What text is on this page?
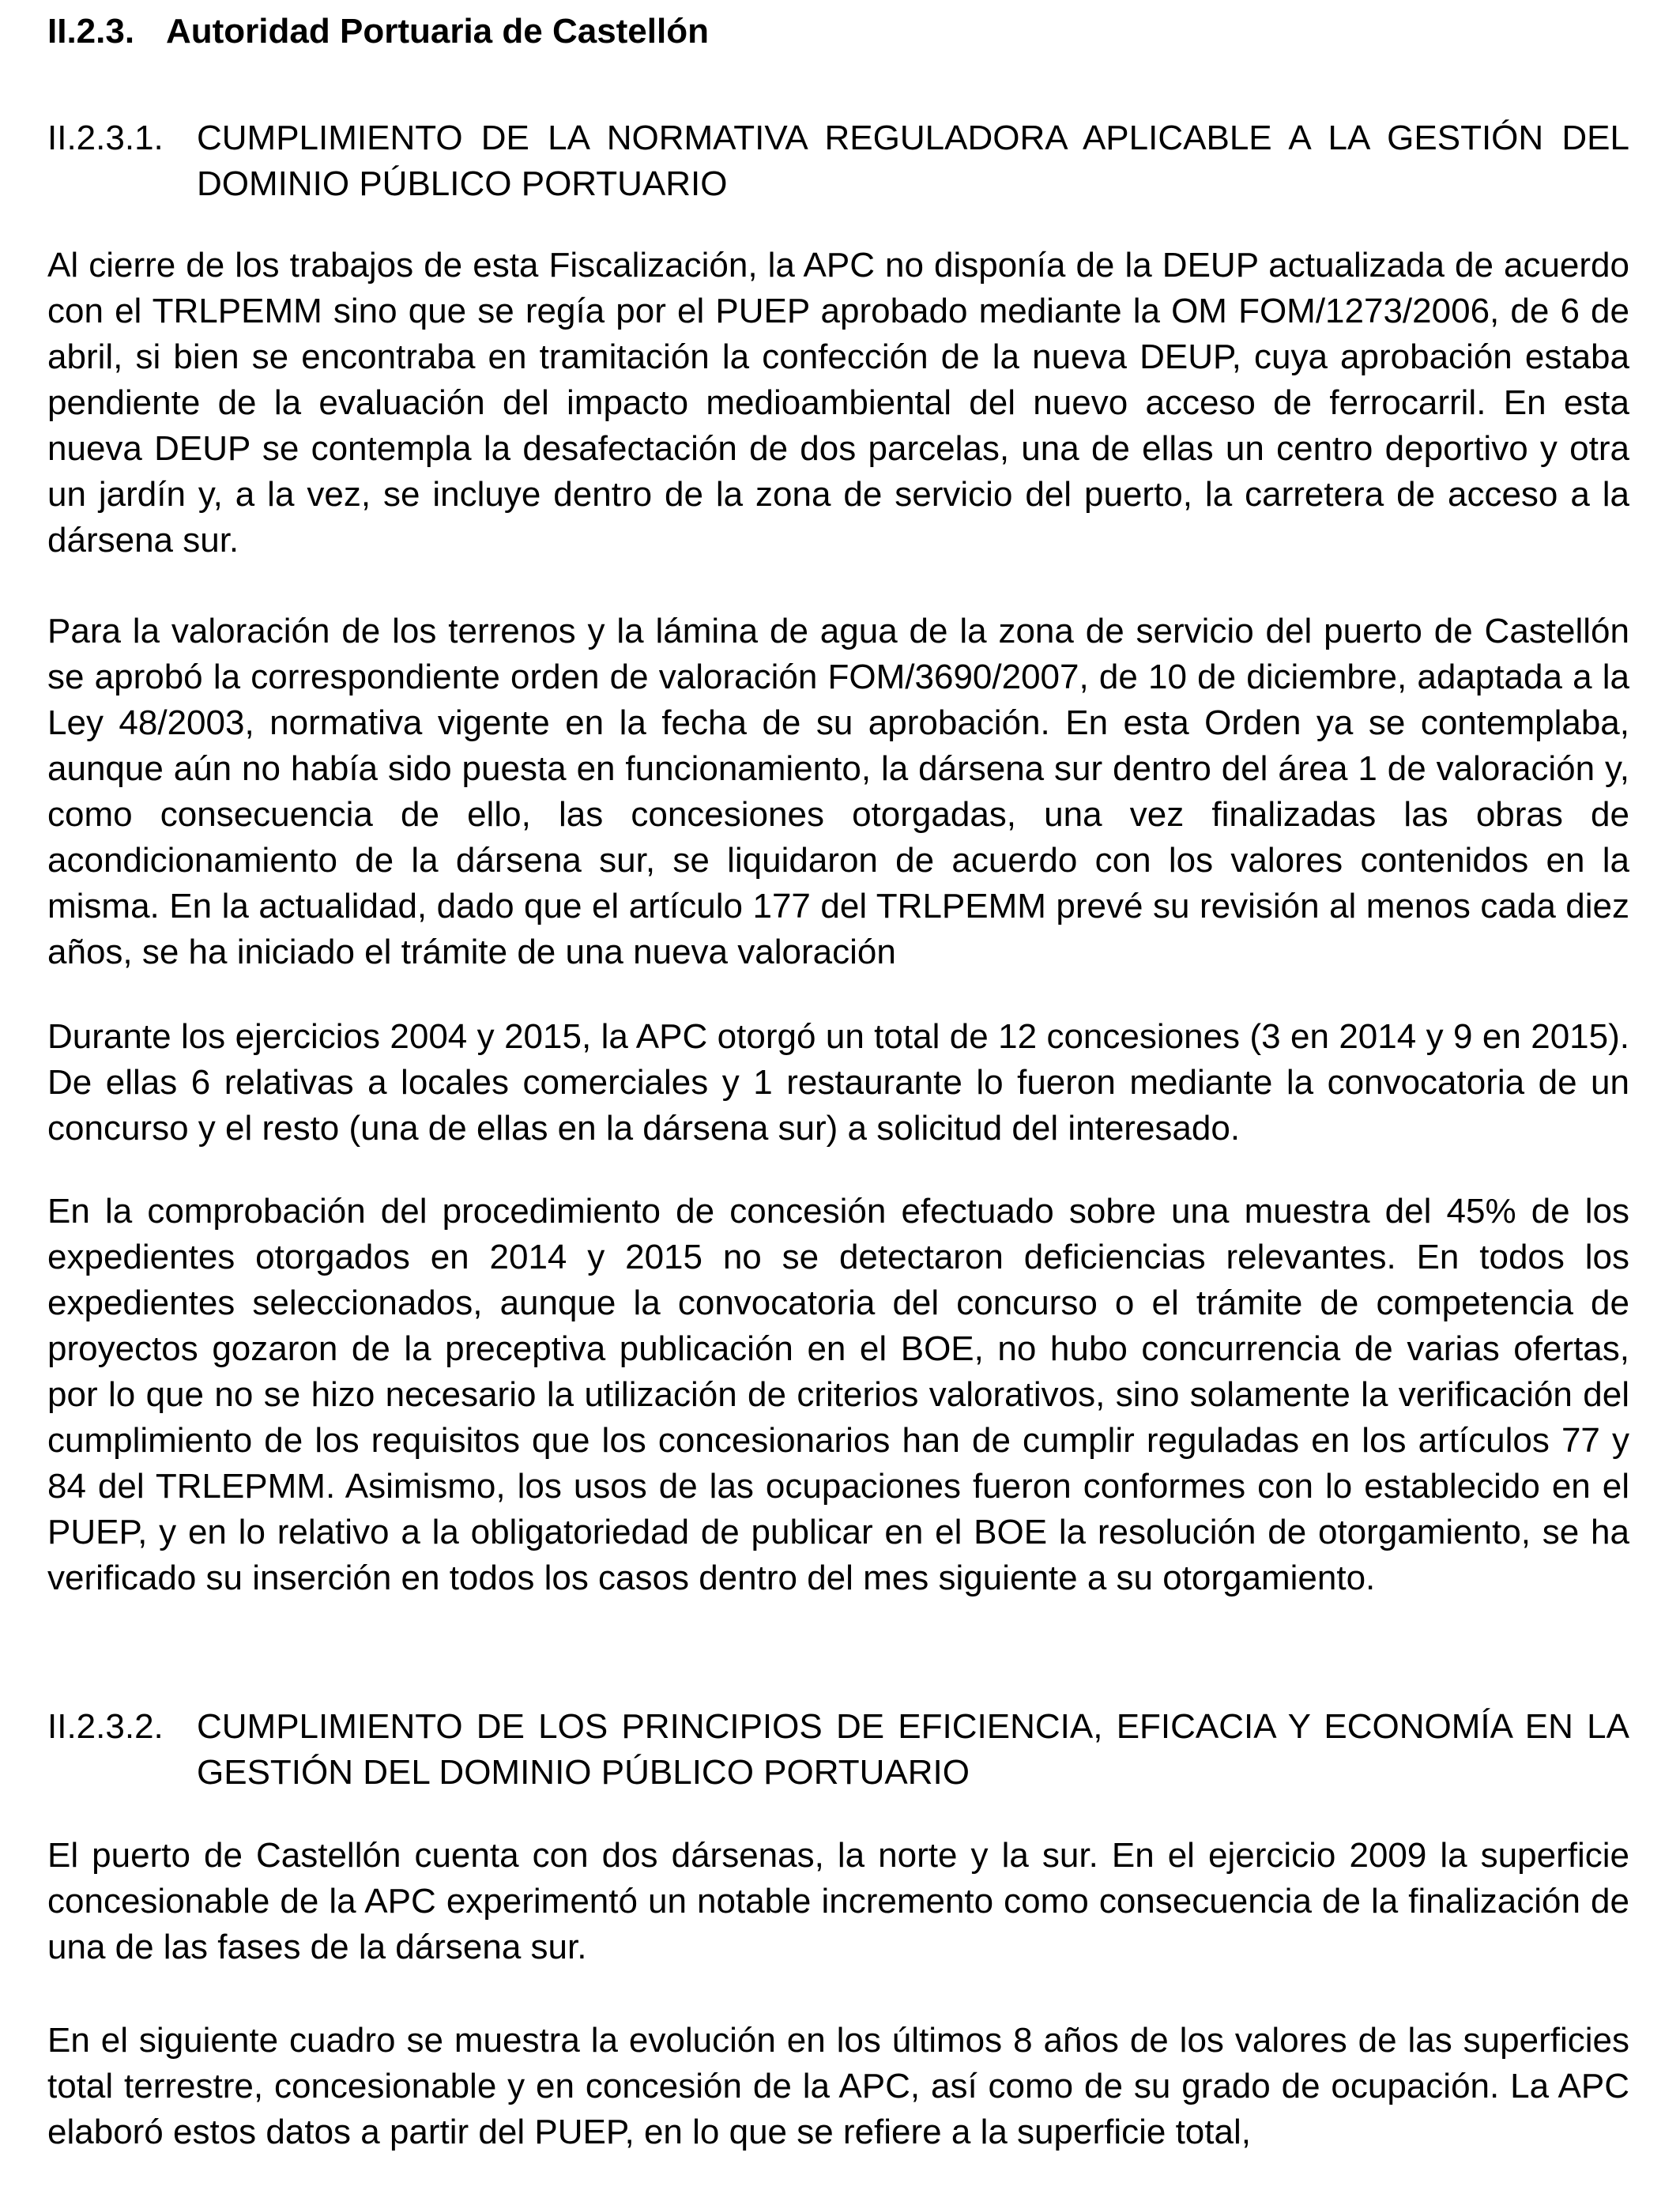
II.2.3. Autoridad Portuaria de Castellón
II.2.3.1. CUMPLIMIENTO DE LA NORMATIVA REGULADORA APLICABLE A LA GESTIÓN DEL DOMINIO PÚBLICO PORTUARIO

Al cierre de los trabajos de esta Fiscalización, la APC no disponía de la DEUP actualizada de acuerdo con el TRLPEMM sino que se regía por el PUEP aprobado mediante la OM FOM/1273/2006, de 6 de abril, si bien se encontraba en tramitación la confección de la nueva DEUP, cuya aprobación estaba pendiente de la evaluación del impacto medioambiental del nuevo acceso de ferrocarril. En esta nueva DEUP se contempla la desafectación de dos parcelas, una de ellas un centro deportivo y otra un jardín y, a la vez, se incluye dentro de la zona de servicio del puerto, la carretera de acceso a la dársena sur.

Para la valoración de los terrenos y la lámina de agua de la zona de servicio del puerto de Castellón se aprobó la correspondiente orden de valoración FOM/3690/2007, de 10 de diciembre, adaptada a la Ley 48/2003, normativa vigente en la fecha de su aprobación. En esta Orden ya se contemplaba, aunque aún no había sido puesta en funcionamiento, la dársena sur dentro del área 1 de valoración y, como consecuencia de ello, las concesiones otorgadas, una vez finalizadas las obras de acondicionamiento de la dársena sur, se liquidaron de acuerdo con los valores contenidos en la misma. En la actualidad, dado que el artículo 177 del TRLPEMM prevé su revisión al menos cada diez años, se ha iniciado el trámite de una nueva valoración

Durante los ejercicios 2004 y 2015, la APC otorgó un total de 12 concesiones (3 en 2014 y 9 en 2015). De ellas 6 relativas a locales comerciales y 1 restaurante lo fueron mediante la convocatoria de un concurso y el resto (una de ellas en la dársena sur) a solicitud del interesado.

En la comprobación del procedimiento de concesión efectuado sobre una muestra del 45% de los expedientes otorgados en 2014 y 2015 no se detectaron deficiencias relevantes. En todos los expedientes seleccionados, aunque la convocatoria del concurso o el trámite de competencia de proyectos gozaron de la preceptiva publicación en el BOE, no hubo concurrencia de varias ofertas, por lo que no se hizo necesario la utilización de criterios valorativos, sino solamente la verificación del cumplimiento de los requisitos que los concesionarios han de cumplir reguladas en los artículos 77 y 84 del TRLEPMM. Asimismo, los usos de las ocupaciones fueron conformes con lo establecido en el PUEP, y en lo relativo a la obligatoriedad de publicar en el BOE la resolución de otorgamiento, se ha verificado su inserción en todos los casos dentro del mes siguiente a su otorgamiento.

II.2.3.2. CUMPLIMIENTO DE LOS PRINCIPIOS DE EFICIENCIA, EFICACIA Y ECONOMÍA EN LA GESTIÓN DEL DOMINIO PÚBLICO PORTUARIO

El puerto de Castellón cuenta con dos dársenas, la norte y la sur. En el ejercicio 2009 la superficie concesionable de la APC experimentó un notable incremento como consecuencia de la finalización de una de las fases de la dársena sur.

En el siguiente cuadro se muestra la evolución en los últimos 8 años de los valores de las superficies total terrestre, concesionable y en concesión de la APC, así como de su grado de ocupación. La APC elaboró estos datos a partir del PUEP, en lo que se refiere a la superficie total,
